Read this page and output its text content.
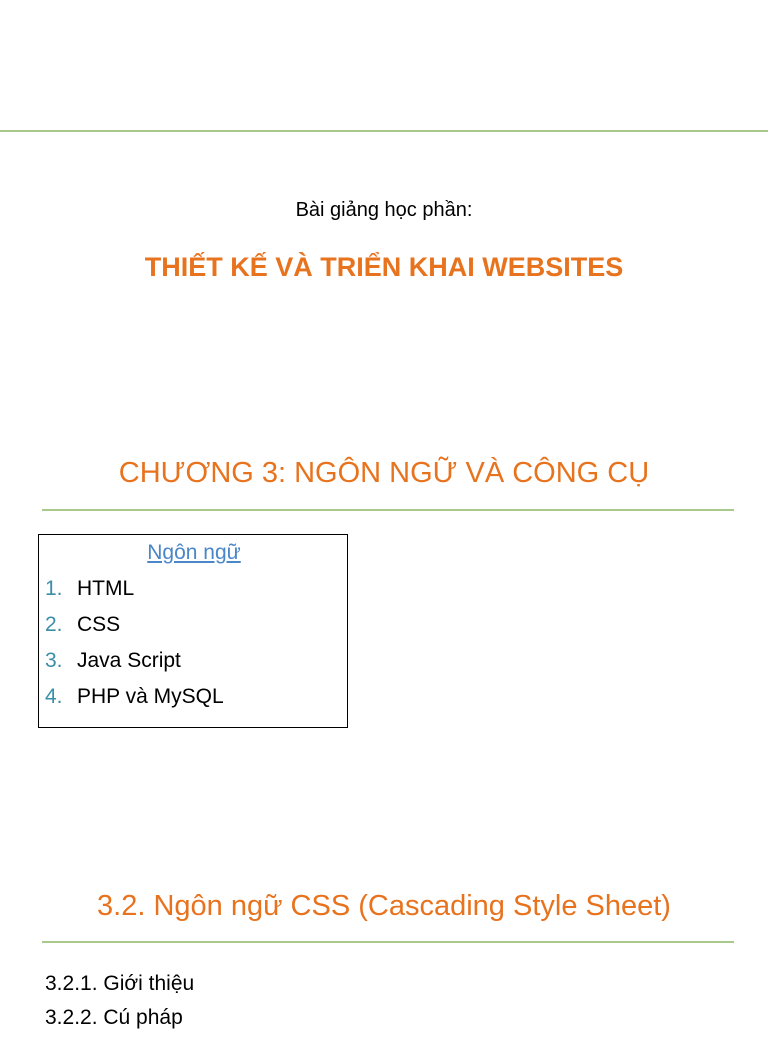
Bài giảng học phần:
THIẾT KẾ VÀ TRIỂN KHAI WEBSITES
CHƯƠNG 3: NGÔN NGỮ VÀ CÔNG CỤ
Ngôn ngữ
1. HTML
2. CSS
3. Java Script
4. PHP và MySQL
3.2. Ngôn ngữ CSS (Cascading Style Sheet)
3.2.1. Giới thiệu
3.2.2. Cú pháp
